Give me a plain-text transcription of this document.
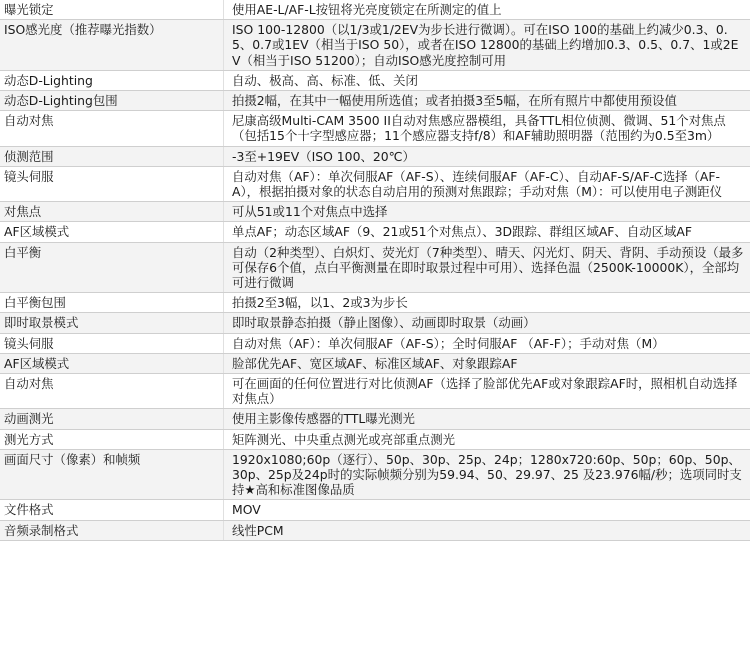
曝光锁定	使用AE-L/AF-L按钮将光亮度锁定在所测定的值上
ISO感光度（推荐曝光指数）	ISO 100-12800（以1/3或1/2EV为步长进行微调）。可在ISO 100的基础上约减少0.3、0.5、0.7或1EV（相当于ISO 50），或者在ISO 12800的基础上约增加0.3、0.5、0.7、1或2EV（相当于ISO 51200）；自动ISO感光度控制可用
动态D-Lighting	自动、极高、高、标准、低、关闭
动态D-Lighting包围	拍摄2幅，在其中一幅使用所选值；或者拍摄3至5幅，在所有照片中都使用预设值
自动对焦	尼康高级Multi-CAM 3500 II自动对焦感应器模组，具备TTL相位侦测、微调、51个对焦点（包括15个十字型感应器；11个感应器支持f/8）和AF辅助照明器（范围约为0.5至3m）
侦测范围	-3至+19EV（ISO 100、20℃）
镜头伺服	自动对焦（AF）：单次伺服AF（AF-S）、连续伺服AF（AF-C）、自动AF-S/AF-C选择（AF-A），根据拍摄对象的状态自动启用的预测对焦跟踪；手动对焦（M）：可以使用电子测距仪
对焦点	可从51或11个对焦点中选择
AF区域模式	单点AF；动态区域AF（9、21或51个对焦点）、3D跟踪、群组区域AF、自动区域AF
白平衡	自动（2种类型）、白炽灯、荧光灯（7种类型）、晴天、闪光灯、阴天、背阴、手动预设（最多可保存6个值，点白平衡测量在即时取景过程中可用）、选择色温（2500K-10000K），全部均可进行微调
白平衡包围	拍摄2至3幅，以1、2或3为步长
即时取景模式	即时取景静态拍摄（静止图像）、动画即时取景（动画）
镜头伺服	自动对焦（AF）：单次伺服AF（AF-S）；全时伺服AF （AF-F）；手动对焦（M）
AF区域模式	脸部优先AF、宽区域AF、标准区域AF、对象跟踪AF
自动对焦	可在画面的任何位置进行对比侦测AF（选择了脸部优先AF或对象跟踪AF时，照相机自动选择对焦点）
动画测光	使用主影像传感器的TTL曝光测光
测光方式	矩阵测光、中央重点测光或亮部重点测光
画面尺寸（像素）和帧频	1920x1080;60p（逐行）、50p、30p、25p、24p；1280x720:60p、50p；60p、50p、30p、25p及24p时的实际帧频分别为59.94、50、29.97、25 及23.976幅/秒；选项同时支持★高和标准图像品质
文件格式	MOV
音频录制格式	线性PCM
